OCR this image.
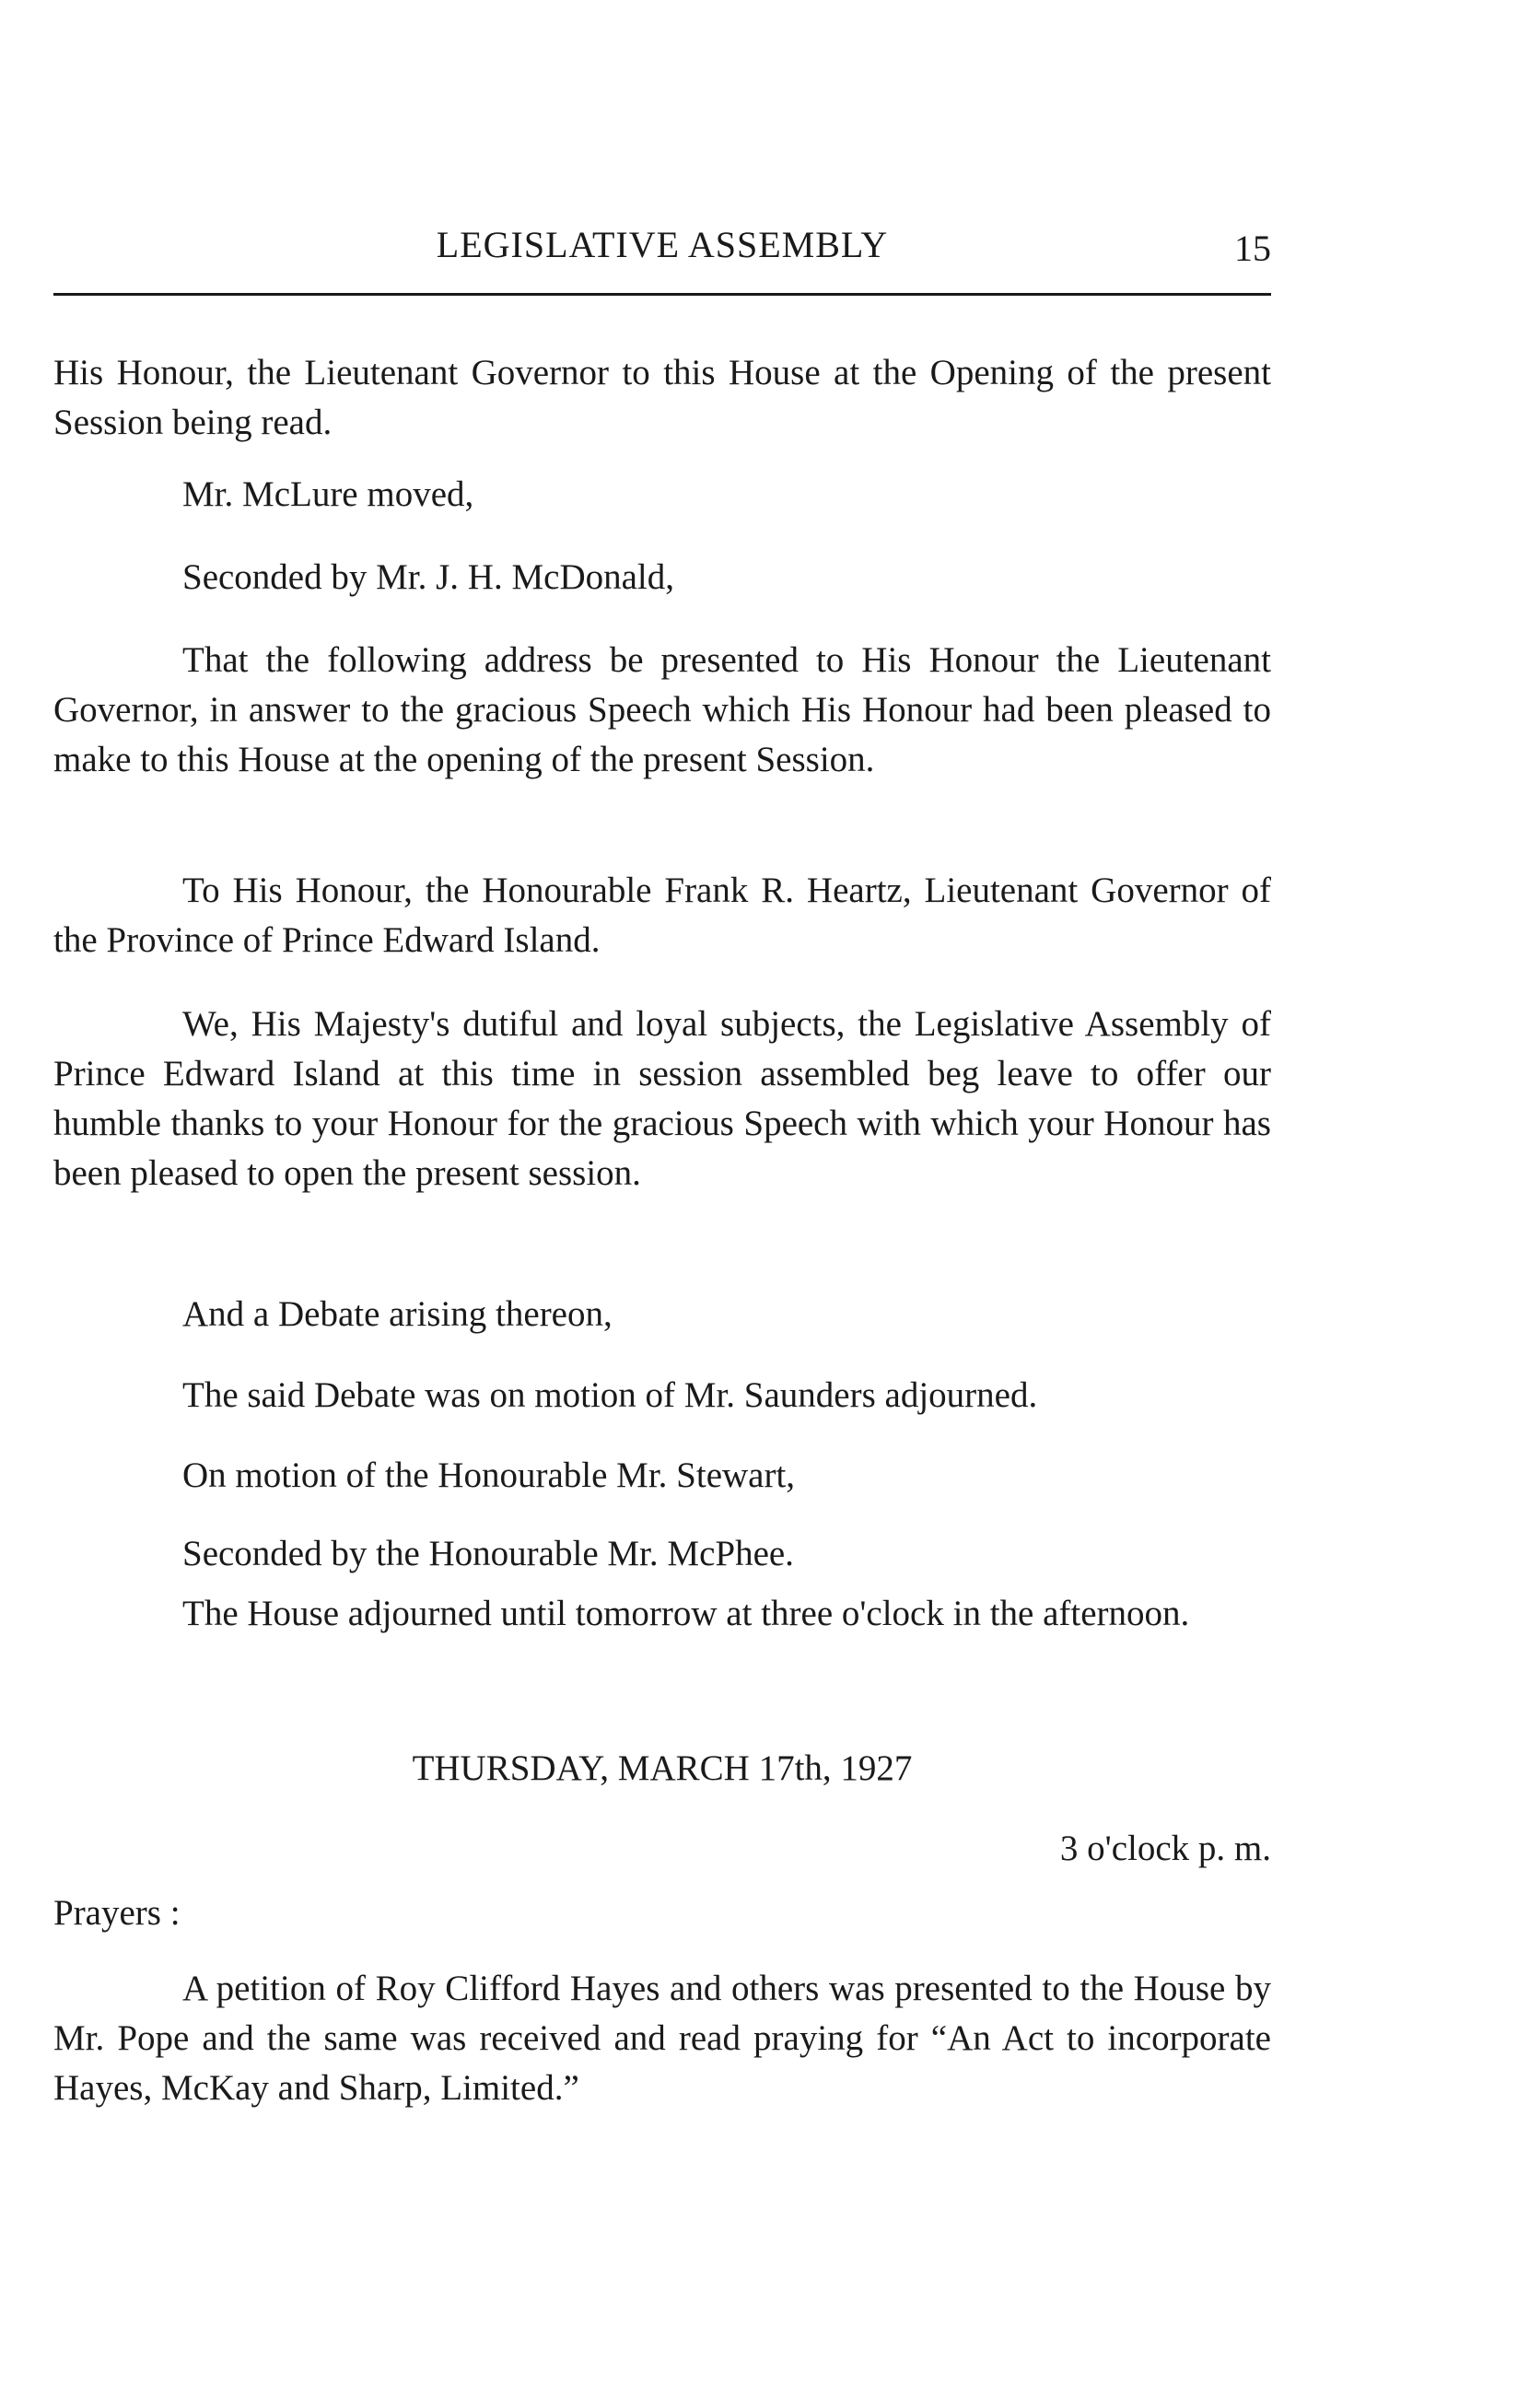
LEGISLATIVE ASSEMBLY	15

His Honour, the Lieutenant Governor to this House at the Opening of the present Session being read.

Mr. McLure moved,

Seconded by Mr. J. H. McDonald,

That the following address be presented to His Honour the Lieutenant Governor, in answer to the gracious Speech which His Honour had been pleased to make to this House at the opening of the present Session.

To His Honour, the Honourable Frank R. Heartz, Lieutenant Governor of the Province of Prince Edward Island.

We, His Majesty's dutiful and loyal subjects, the Legislative Assembly of Prince Edward Island at this time in session assembled beg leave to offer our humble thanks to your Honour for the gracious Speech with which your Honour has been pleased to open the present session.

And a Debate arising thereon,

The said Debate was on motion of Mr. Saunders adjourned.

On motion of the Honourable Mr. Stewart,

Seconded by the Honourable Mr. McPhee.

The House adjourned until tomorrow at three o'clock in the afternoon.

THURSDAY, MARCH 17th, 1927

3 o'clock p. m.

Prayers :

A petition of Roy Clifford Hayes and others was presented to the House by Mr. Pope and the same was received and read praying for “An Act to incorporate Hayes, McKay and Sharp, Limited.”
